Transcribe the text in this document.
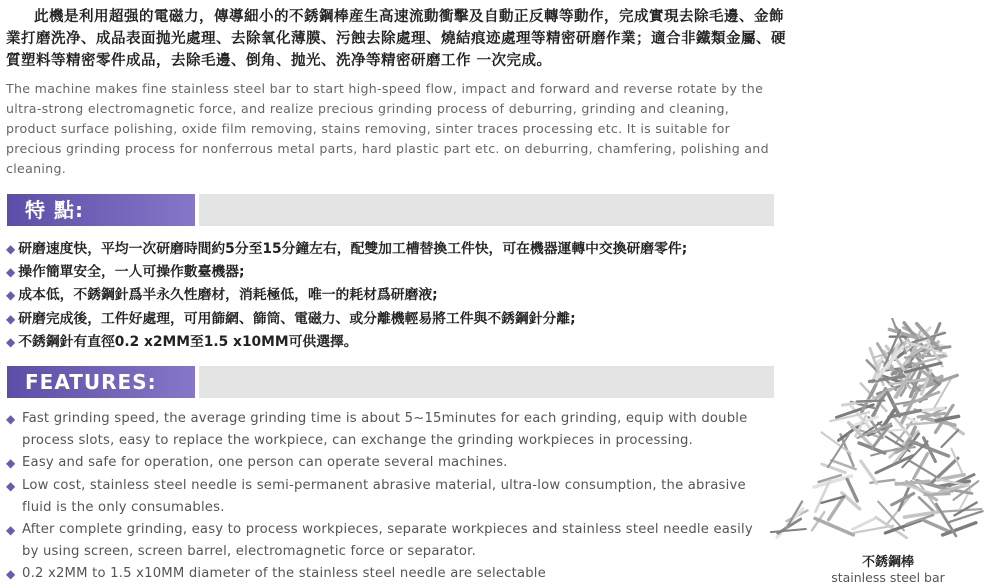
此機是利用超强的電磁力，傳導細小的不銹鋼棒産生高速流動衝擊及自動正反轉等動作，完成實現去除毛邊、金飾業打磨洗净、成品表面抛光處理、去除氧化薄膜、污蝕去除處理、燒結痕迹處理等精密研磨作業；適合非鐵類金屬、硬質塑料等精密零件成品，去除毛邊、倒角、抛光、洗净等精密研磨工作 一次完成。

The machine makes fine stainless steel bar to start high-speed flow, impact and forward and reverse rotate by the ultra-strong electromagnetic force, and realize precious grinding process of deburring, grinding and cleaning, product surface polishing, oxide film removing, stains removing, sinter traces processing etc. It is suitable for precious grinding process for nonferrous metal parts, hard plastic part etc. on deburring, chamfering, polishing and cleaning.

特 點:
◆ 研磨速度快，平均一次研磨時間約5分至15分鐘左右，配雙加工槽替換工件快，可在機器運轉中交換研磨零件;
◆ 操作簡單安全，一人可操作數臺機器;
◆ 成本低，不銹鋼針爲半永久性磨材，消耗極低，唯一的耗材爲研磨液;
◆ 研磨完成後，工件好處理，可用篩網、篩筒、電磁力、或分離機輕易將工件與不銹鋼針分離;
◆ 不銹鋼針有直徑0.2 x2MM至1.5 x10MM可供選擇。
FEATURES:
◆ Fast grinding speed, the average grinding time is about 5~15minutes for each grinding, equip with double process slots, easy to replace the workpiece, can exchange the grinding workpieces in processing.
◆ Easy and safe for operation, one person can operate several machines.
◆ Low cost, stainless steel needle is semi-permanent abrasive material, ultra-low consumption, the abrasive fluid is the only consumables.
◆ After complete grinding, easy to process workpieces, separate workpieces and stainless steel needle easily by using screen, screen barrel, electromagnetic force or separator.
◆ 0.2 x2MM to 1.5 x10MM diameter of the stainless steel needle are selectable
不銹鋼棒
stainless steel bar
